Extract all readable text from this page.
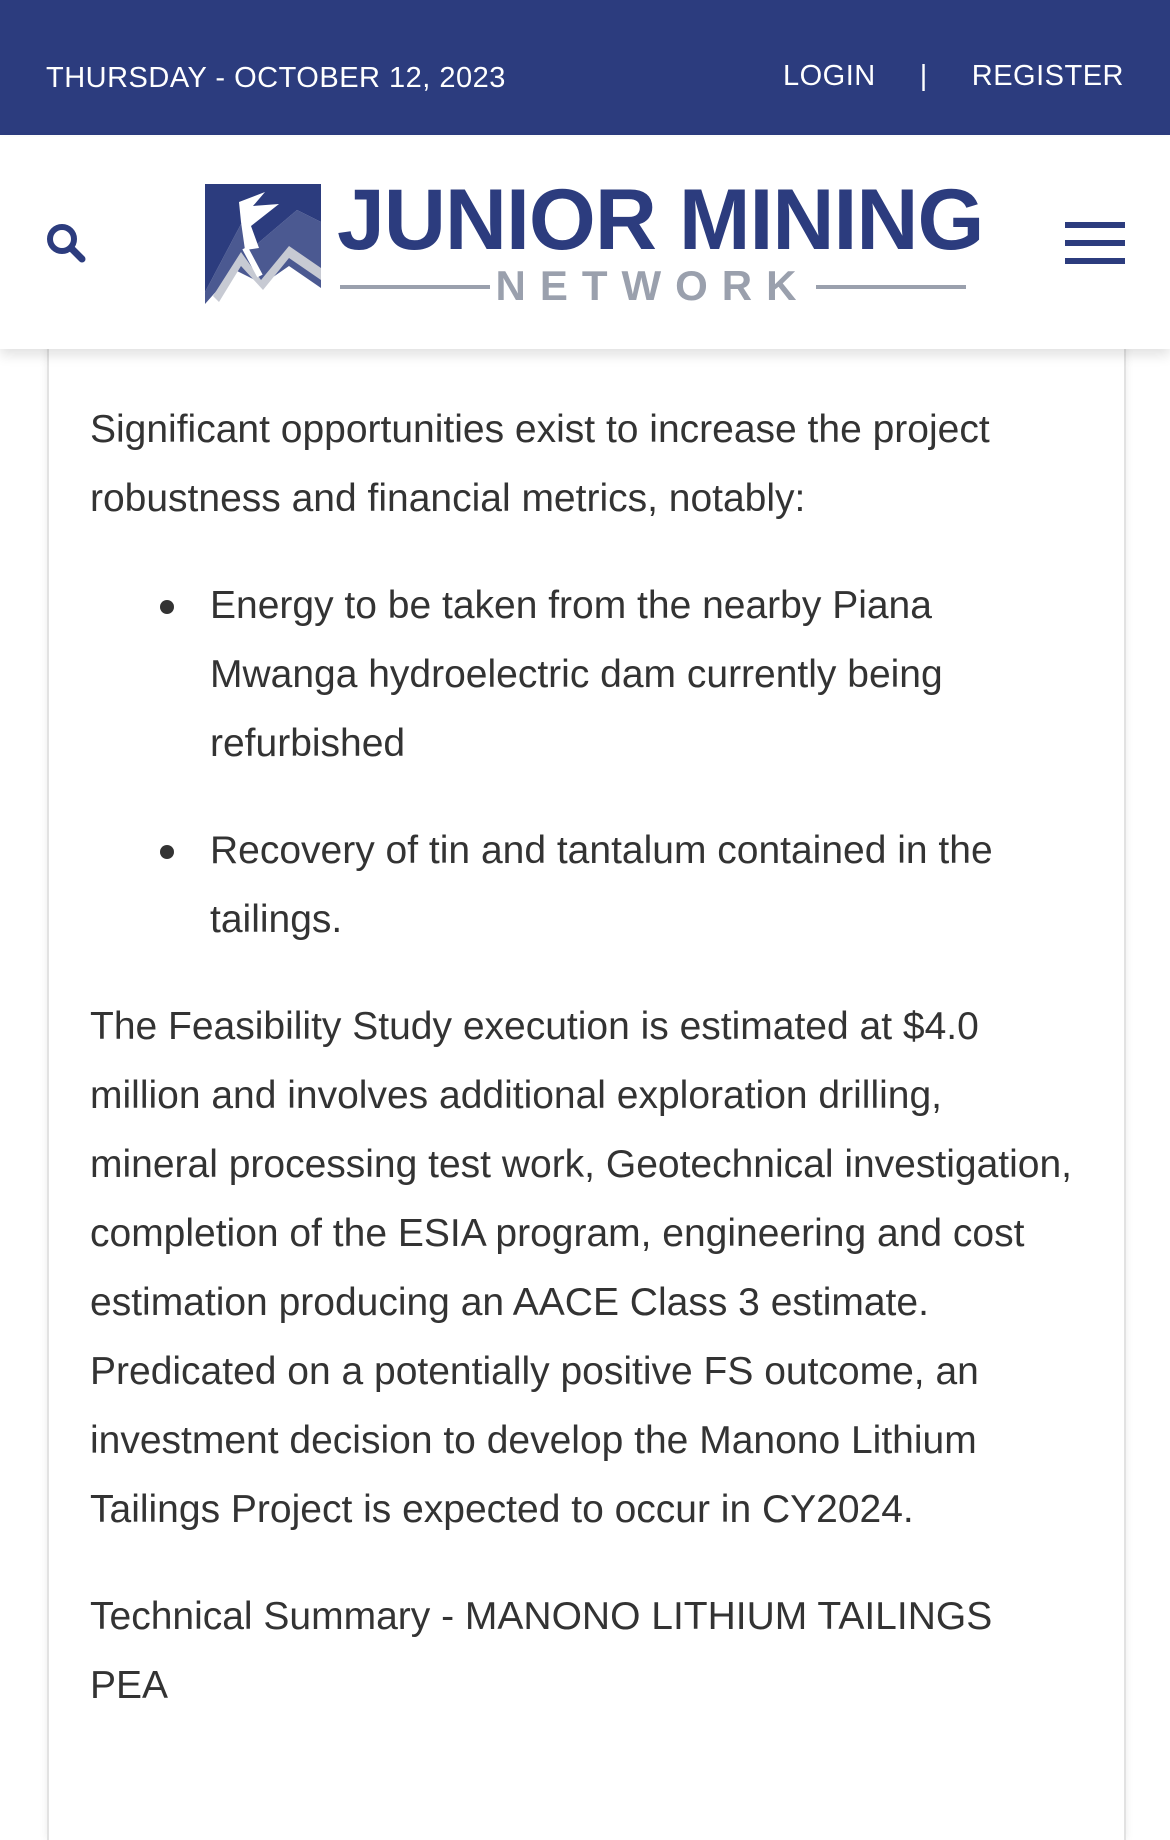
THURSDAY - OCTOBER 12, 2023	LOGIN | REGISTER
JUNIOR MINING
NETWORK

Significant opportunities exist to increase the project robustness and financial metrics, notably:

Energy to be taken from the nearby Piana Mwanga hydroelectric dam currently being refurbished
Recovery of tin and tantalum contained in the tailings.

The Feasibility Study execution is estimated at $4.0 million and involves additional exploration drilling, mineral processing test work, Geotechnical investigation, completion of the ESIA program, engineering and cost estimation producing an AACE Class 3 estimate. Predicated on a potentially positive FS outcome, an investment decision to develop the Manono Lithium Tailings Project is expected to occur in CY2024.

Technical Summary - MANONO LITHIUM TAILINGS PEA
